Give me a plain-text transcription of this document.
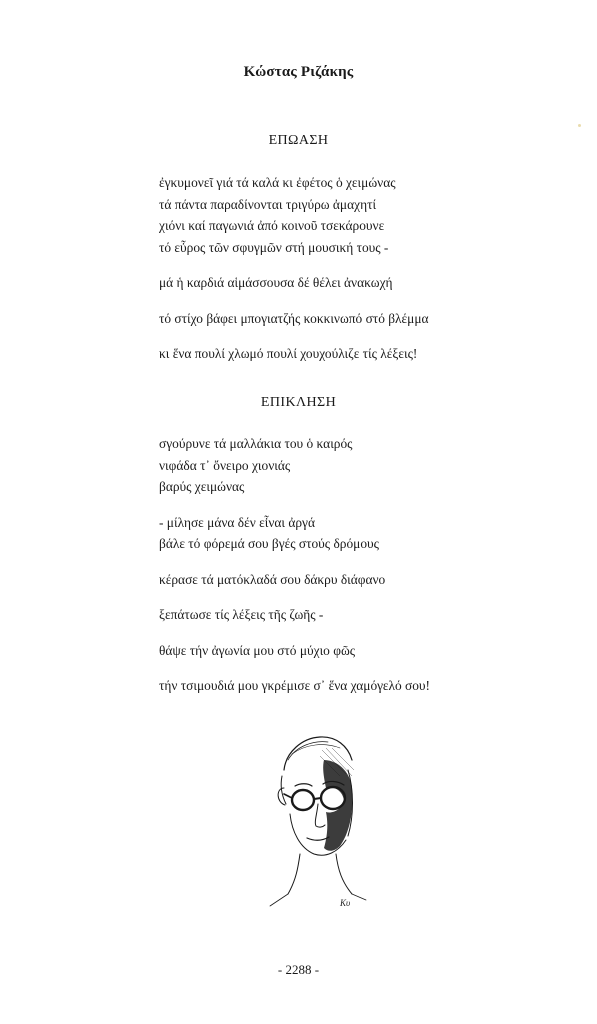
Κώστας Ριζάκης
ΕΠΩΑΣΗ
ἐγκυμονεῖ γιά τά καλά κι ἐφέτος ὁ χειμώνας
τά πάντα παραδίνονται τριγύρω ἀμαχητί
χιόνι καί παγωνιά ἀπό κοινοῦ τσεκάρουνε
τό εὖρος τῶν σφυγμῶν στή μουσική τους -
μά ἡ καρδιά αἱμάσσουσα δέ θέλει ἀνακωχή
τό στίχο βάφει μπογιατζής κοκκινωπό στό βλέμμα
κι ἕνα πουλί χλωμό πουλί χουχούλιζε τίς λέξεις!
ΕΠΙΚΛΗΣΗ
σγούρυνε τά μαλλάκια του ὁ καιρός
νιφάδα τ᾽ ὄνειρο χιονιάς
βαρύς χειμώνας
- μίλησε μάνα δέν εἶναι ἀργά
βάλε τό φόρεμά σου βγές στούς δρόμους
κέρασε τά ματόκλαδά σου δάκρυ διάφανο
ξεπάτωσε τίς λέξεις τῆς ζωῆς -
θάψε τήν ἀγωνία μου στό μύχιο φῶς
τήν τσιμουδιά μου γκρέμισε σ᾽ ἕνα χαμόγελό σου!
Κυ
- 2288 -
